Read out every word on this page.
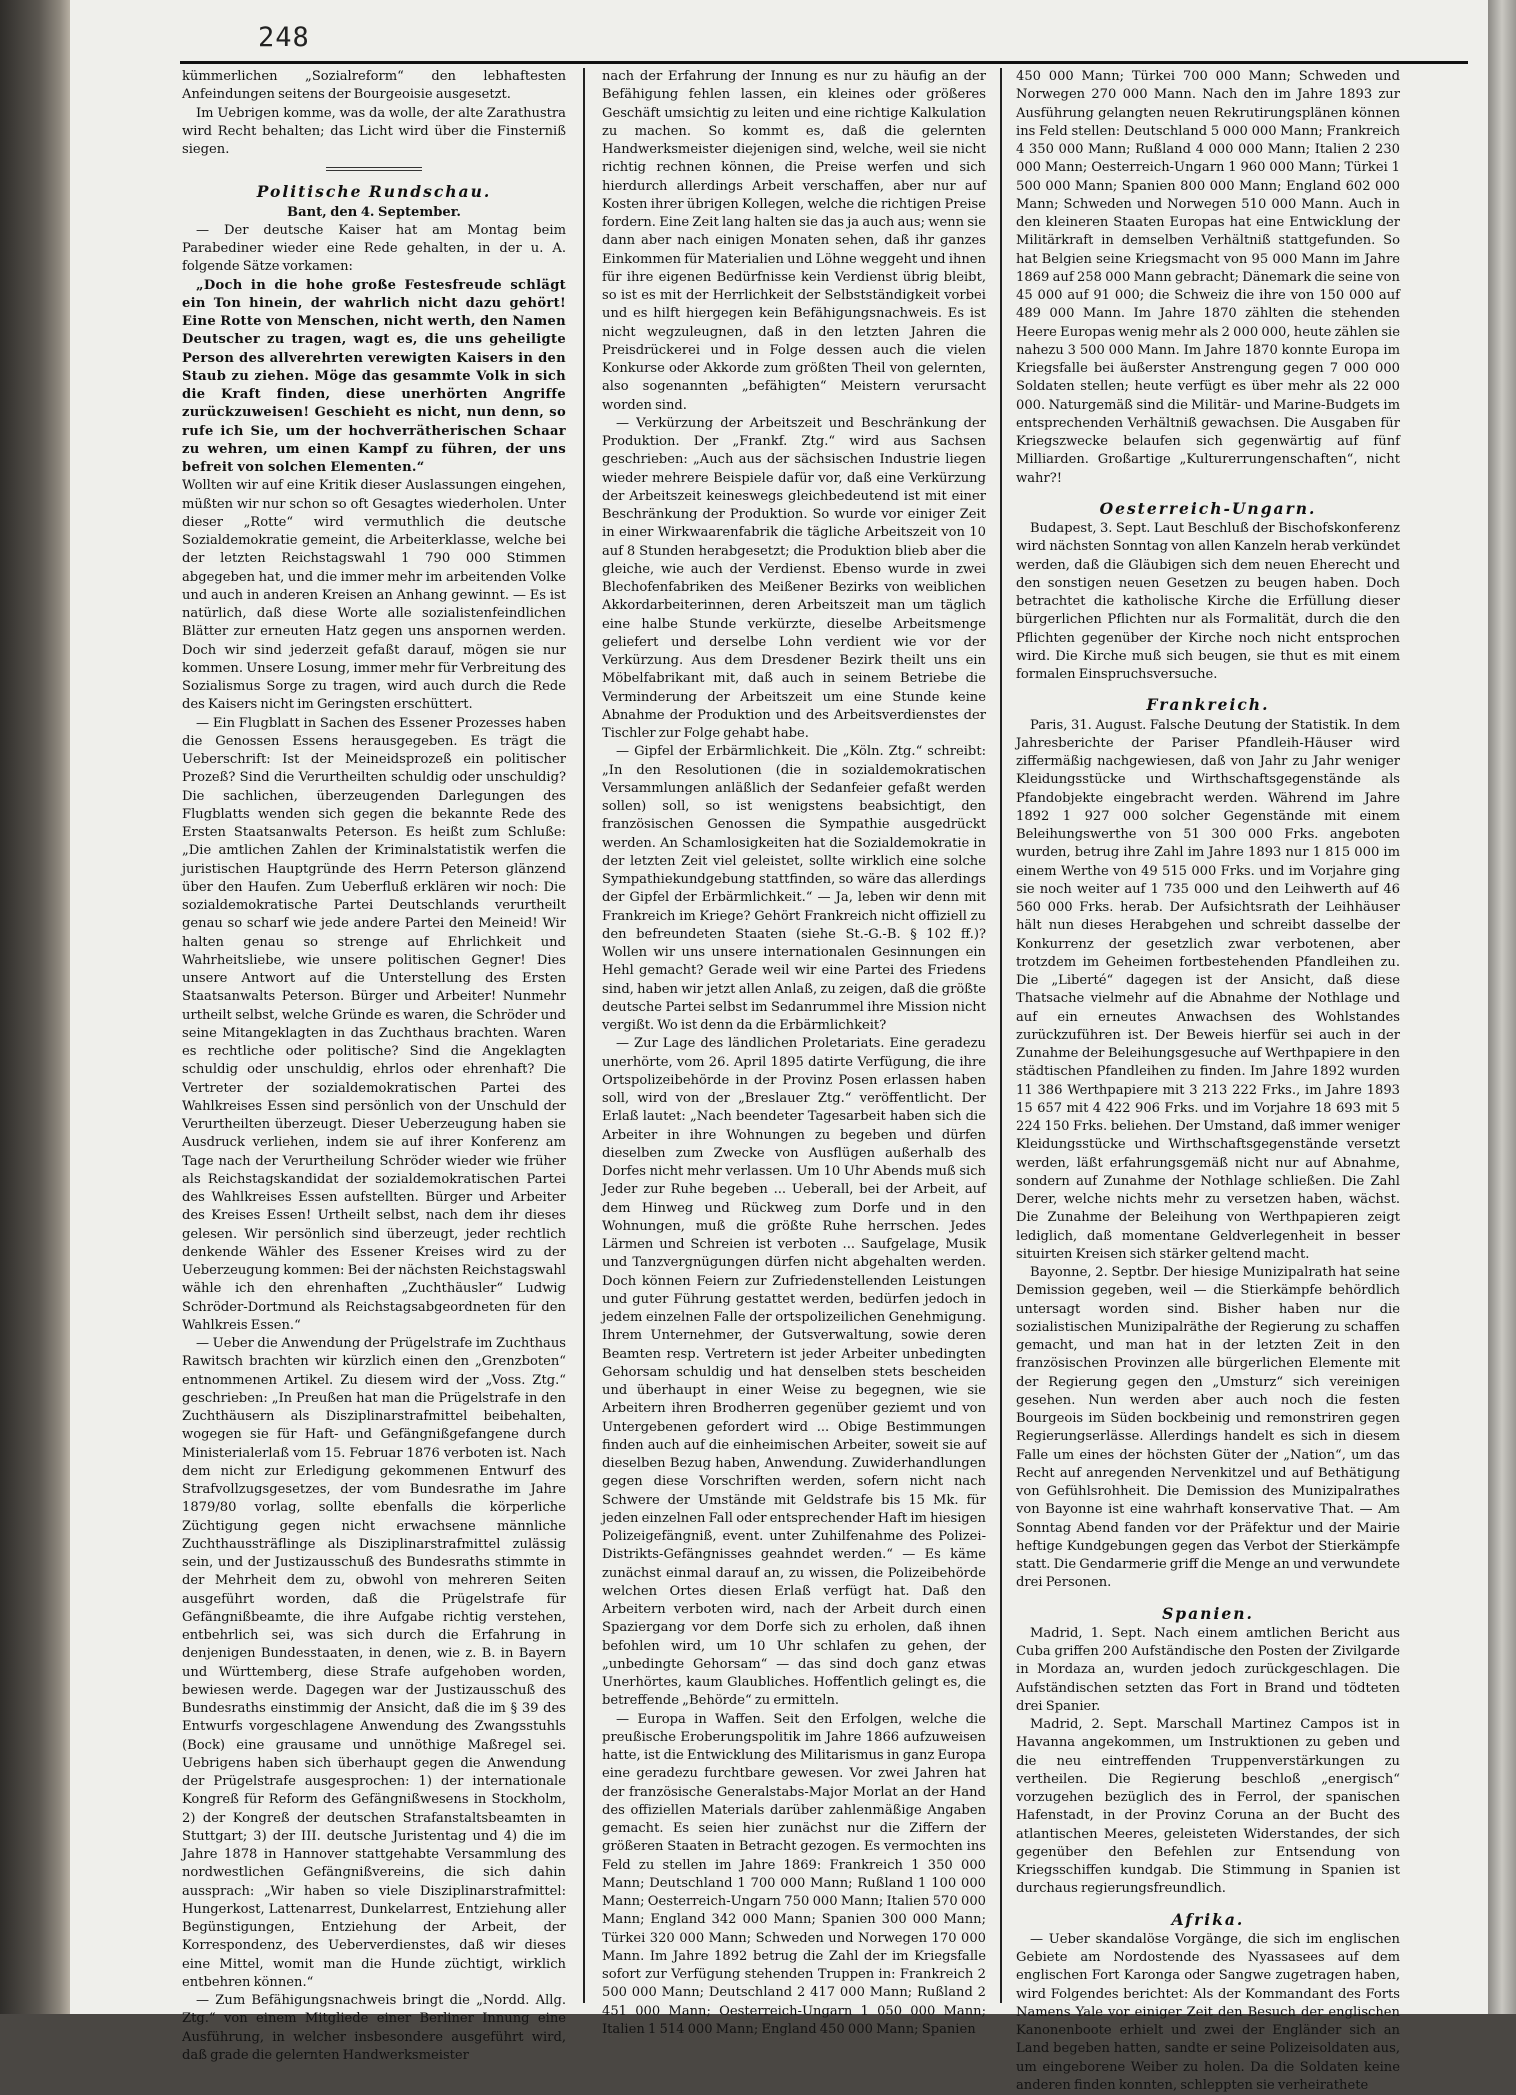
248

kümmerlichen „Sozialreform“ den lebhaftesten Anfeindungen seitens der Bourgeoisie ausgesetzt.

Im Uebrigen komme, was da wolle, der alte Zarathustra wird Recht behalten; das Licht wird über die Finsterniß siegen.

Politische Rundschau.

Bant, den 4. September.

— Der deutsche Kaiser hat am Montag beim Parabediner wieder eine Rede gehalten, in der u. A. folgende Sätze vorkamen:

„Doch in die hohe große Festesfreude schlägt ein Ton hinein, der wahrlich nicht dazu gehört! Eine Rotte von Menschen, nicht werth, den Namen Deutscher zu tragen, wagt es, die uns geheiligte Person des allverehrten verewigten Kaisers in den Staub zu ziehen. Möge das gesammte Volk in sich die Kraft finden, diese unerhörten Angriffe zurückzuweisen! Geschieht es nicht, nun denn, so rufe ich Sie, um der hochverrätherischen Schaar zu wehren, um einen Kampf zu führen, der uns befreit von solchen Elementen.“

Wollten wir auf eine Kritik dieser Auslassungen eingehen, müßten wir nur schon so oft Gesagtes wiederholen. Unter dieser „Rotte“ wird vermuthlich die deutsche Sozialdemokratie gemeint, die Arbeiterklasse, welche bei der letzten Reichstagswahl 1 790 000 Stimmen abgegeben hat, und die immer mehr im arbeitenden Volke und auch in anderen Kreisen an Anhang gewinnt. — Es ist natürlich, daß diese Worte alle sozialistenfeindlichen Blätter zur erneuten Hatz gegen uns anspornen werden. Doch wir sind jederzeit gefaßt darauf, mögen sie nur kommen. Unsere Losung, immer mehr für Verbreitung des Sozialismus Sorge zu tragen, wird auch durch die Rede des Kaisers nicht im Geringsten erschüttert.

— Ein Flugblatt in Sachen des Essener Prozesses haben die Genossen Essens herausgegeben. Es trägt die Ueberschrift: Ist der Meineidsprozeß ein politischer Prozeß? Sind die Verurtheilten schuldig oder unschuldig? Die sachlichen, überzeugenden Darlegungen des Flugblatts wenden sich gegen die bekannte Rede des Ersten Staatsanwalts Peterson. Es heißt zum Schluße: „Die amtlichen Zahlen der Kriminalstatistik werfen die juristischen Hauptgründe des Herrn Peterson glänzend über den Haufen. Zum Ueberfluß erklären wir noch: Die sozialdemokratische Partei Deutschlands verurtheilt genau so scharf wie jede andere Partei den Meineid! Wir halten genau so strenge auf Ehrlichkeit und Wahrheitsliebe, wie unsere politischen Gegner! Dies unsere Antwort auf die Unterstellung des Ersten Staatsanwalts Peterson. Bürger und Arbeiter! Nunmehr urtheilt selbst, welche Gründe es waren, die Schröder und seine Mitangeklagten in das Zuchthaus brachten. Waren es rechtliche oder politische? Sind die Angeklagten schuldig oder unschuldig, ehrlos oder ehrenhaft? Die Vertreter der sozialdemokratischen Partei des Wahlkreises Essen sind persönlich von der Unschuld der Verurtheilten überzeugt. Dieser Ueberzeugung haben sie Ausdruck verliehen, indem sie auf ihrer Konferenz am Tage nach der Verurtheilung Schröder wieder wie früher als Reichstagskandidat der sozialdemokratischen Partei des Wahlkreises Essen aufstellten. Bürger und Arbeiter des Kreises Essen! Urtheilt selbst, nach dem ihr dieses gelesen. Wir persönlich sind überzeugt, jeder rechtlich denkende Wähler des Essener Kreises wird zu der Ueberzeugung kommen: Bei der nächsten Reichstagswahl wähle ich den ehrenhaften „Zuchthäusler“ Ludwig Schröder-Dortmund als Reichstagsabgeordneten für den Wahlkreis Essen.“

— Ueber die Anwendung der Prügelstrafe im Zuchthaus Rawitsch brachten wir kürzlich einen den „Grenzboten“ entnommenen Artikel. Zu diesem wird der „Voss. Ztg.“ geschrieben: „In Preußen hat man die Prügelstrafe in den Zuchthäusern als Disziplinarstrafmittel beibehalten, wogegen sie für Haft- und Gefängnißgefangene durch Ministerialerlaß vom 15. Februar 1876 verboten ist. Nach dem nicht zur Erledigung gekommenen Entwurf des Strafvollzugsgesetzes, der vom Bundesrathe im Jahre 1879/80 vorlag, sollte ebenfalls die körperliche Züchtigung gegen nicht erwachsene männliche Zuchthaussträflinge als Disziplinarstrafmittel zulässig sein, und der Justizausschuß des Bundesraths stimmte in der Mehrheit dem zu, obwohl von mehreren Seiten ausgeführt worden, daß die Prügelstrafe für Gefängnißbeamte, die ihre Aufgabe richtig verstehen, entbehrlich sei, was sich durch die Erfahrung in denjenigen Bundesstaaten, in denen, wie z. B. in Bayern und Württemberg, diese Strafe aufgehoben worden, bewiesen werde. Dagegen war der Justizausschuß des Bundesraths einstimmig der Ansicht, daß die im § 39 des Entwurfs vorgeschlagene Anwendung des Zwangsstuhls (Bock) eine grausame und unnöthige Maßregel sei. Uebrigens haben sich überhaupt gegen die Anwendung der Prügelstrafe ausgesprochen: 1) der internationale Kongreß für Reform des Gefängnißwesens in Stockholm, 2) der Kongreß der deutschen Strafanstaltsbeamten in Stuttgart; 3) der III. deutsche Juristentag und 4) die im Jahre 1878 in Hannover stattgehabte Versammlung des nordwestlichen Gefängnißvereins, die sich dahin aussprach: „Wir haben so viele Disziplinarstrafmittel: Hungerkost, Lattenarrest, Dunkelarrest, Entziehung aller Begünstigungen, Entziehung der Arbeit, der Korrespondenz, des Ueberverdienstes, daß wir dieses eine Mittel, womit man die Hunde züchtigt, wirklich entbehren können.“

— Zum Befähigungsnachweis bringt die „Nordd. Allg. Ztg.“ von einem Mitgliede einer Berliner Innung eine Ausführung, in welcher insbesondere ausgeführt wird, daß grade die gelernten Handwerksmeister

nach der Erfahrung der Innung es nur zu häufig an der Befähigung fehlen lassen, ein kleines oder größeres Geschäft umsichtig zu leiten und eine richtige Kalkulation zu machen. So kommt es, daß die gelernten Handwerksmeister diejenigen sind, welche, weil sie nicht richtig rechnen können, die Preise werfen und sich hierdurch allerdings Arbeit verschaffen, aber nur auf Kosten ihrer übrigen Kollegen, welche die richtigen Preise fordern. Eine Zeit lang halten sie das ja auch aus; wenn sie dann aber nach einigen Monaten sehen, daß ihr ganzes Einkommen für Materialien und Löhne weggeht und ihnen für ihre eigenen Bedürfnisse kein Verdienst übrig bleibt, so ist es mit der Herrlichkeit der Selbstständigkeit vorbei und es hilft hiergegen kein Befähigungsnachweis. Es ist nicht wegzuleugnen, daß in den letzten Jahren die Preisdrückerei und in Folge dessen auch die vielen Konkurse oder Akkorde zum größten Theil von gelernten, also sogenannten „befähigten“ Meistern verursacht worden sind.

— Verkürzung der Arbeitszeit und Beschränkung der Produktion. Der „Frankf. Ztg.“ wird aus Sachsen geschrieben: „Auch aus der sächsischen Industrie liegen wieder mehrere Beispiele dafür vor, daß eine Verkürzung der Arbeitszeit keineswegs gleichbedeutend ist mit einer Beschränkung der Produktion. So wurde vor einiger Zeit in einer Wirkwaarenfabrik die tägliche Arbeitszeit von 10 auf 8 Stunden herabgesetzt; die Produktion blieb aber die gleiche, wie auch der Verdienst. Ebenso wurde in zwei Blechofenfabriken des Meißener Bezirks von weiblichen Akkordarbeiterinnen, deren Arbeitszeit man um täglich eine halbe Stunde verkürzte, dieselbe Arbeitsmenge geliefert und derselbe Lohn verdient wie vor der Verkürzung. Aus dem Dresdener Bezirk theilt uns ein Möbelfabrikant mit, daß auch in seinem Betriebe die Verminderung der Arbeitszeit um eine Stunde keine Abnahme der Produktion und des Arbeitsverdienstes der Tischler zur Folge gehabt habe.

— Gipfel der Erbärmlichkeit. Die „Köln. Ztg.“ schreibt: „In den Resolutionen (die in sozialdemokratischen Versammlungen anläßlich der Sedanfeier gefaßt werden sollen) soll, so ist wenigstens beabsichtigt, den französischen Genossen die Sympathie ausgedrückt werden. An Schamlosigkeiten hat die Sozialdemokratie in der letzten Zeit viel geleistet, sollte wirklich eine solche Sympathiekundgebung stattfinden, so wäre das allerdings der Gipfel der Erbärmlichkeit.“ — Ja, leben wir denn mit Frankreich im Kriege? Gehört Frankreich nicht offiziell zu den befreundeten Staaten (siehe St.-G.-B. § 102 ff.)? Wollen wir uns unsere internationalen Gesinnungen ein Hehl gemacht? Gerade weil wir eine Partei des Friedens sind, haben wir jetzt allen Anlaß, zu zeigen, daß die größte deutsche Partei selbst im Sedanrummel ihre Mission nicht vergißt. Wo ist denn da die Erbärmlichkeit?

— Zur Lage des ländlichen Proletariats. Eine geradezu unerhörte, vom 26. April 1895 datirte Verfügung, die ihre Ortspolizeibehörde in der Provinz Posen erlassen haben soll, wird von der „Breslauer Ztg.“ veröffentlicht. Der Erlaß lautet: „Nach beendeter Tagesarbeit haben sich die Arbeiter in ihre Wohnungen zu begeben und dürfen dieselben zum Zwecke von Ausflügen außerhalb des Dorfes nicht mehr verlassen. Um 10 Uhr Abends muß sich Jeder zur Ruhe begeben ... Ueberall, bei der Arbeit, auf dem Hinweg und Rückweg zum Dorfe und in den Wohnungen, muß die größte Ruhe herrschen. Jedes Lärmen und Schreien ist verboten ... Saufgelage, Musik und Tanzvergnügungen dürfen nicht abgehalten werden. Doch können Feiern zur Zufriedenstellenden Leistungen und guter Führung gestattet werden, bedürfen jedoch in jedem einzelnen Falle der ortspolizeilichen Genehmigung. Ihrem Unternehmer, der Gutsverwaltung, sowie deren Beamten resp. Vertretern ist jeder Arbeiter unbedingten Gehorsam schuldig und hat denselben stets bescheiden und überhaupt in einer Weise zu begegnen, wie sie Arbeitern ihren Brodherren gegenüber geziemt und von Untergebenen gefordert wird ... Obige Bestimmungen finden auch auf die einheimischen Arbeiter, soweit sie auf dieselben Bezug haben, Anwendung. Zuwiderhandlungen gegen diese Vorschriften werden, sofern nicht nach Schwere der Umstände mit Geldstrafe bis 15 Mk. für jeden einzelnen Fall oder entsprechender Haft im hiesigen Polizeigefängniß, event. unter Zuhilfenahme des Polizei-Distrikts-Gefängnisses geahndet werden.“ — Es käme zunächst einmal darauf an, zu wissen, die Polizeibehörde welchen Ortes diesen Erlaß verfügt hat. Daß den Arbeitern verboten wird, nach der Arbeit durch einen Spaziergang vor dem Dorfe sich zu erholen, daß ihnen befohlen wird, um 10 Uhr schlafen zu gehen, der „unbedingte Gehorsam“ — das sind doch ganz etwas Unerhörtes, kaum Glaubliches. Hoffentlich gelingt es, die betreffende „Behörde“ zu ermitteln.

— Europa in Waffen. Seit den Erfolgen, welche die preußische Eroberungspolitik im Jahre 1866 aufzuweisen hatte, ist die Entwicklung des Militarismus in ganz Europa eine geradezu furchtbare gewesen. Vor zwei Jahren hat der französische Generalstabs-Major Morlat an der Hand des offiziellen Materials darüber zahlenmäßige Angaben gemacht. Es seien hier zunächst nur die Ziffern der größeren Staaten in Betracht gezogen. Es vermochten ins Feld zu stellen im Jahre 1869: Frankreich 1 350 000 Mann; Deutschland 1 700 000 Mann; Rußland 1 100 000 Mann; Oesterreich-Ungarn 750 000 Mann; Italien 570 000 Mann; England 342 000 Mann; Spanien 300 000 Mann; Türkei 320 000 Mann; Schweden und Norwegen 170 000 Mann. Im Jahre 1892 betrug die Zahl der im Kriegsfalle sofort zur Verfügung stehenden Truppen in: Frankreich 2 500 000 Mann; Deutschland 2 417 000 Mann; Rußland 2 451 000 Mann; Oesterreich-Ungarn 1 050 000 Mann; Italien 1 514 000 Mann; England 450 000 Mann; Spanien

450 000 Mann; Türkei 700 000 Mann; Schweden und Norwegen 270 000 Mann. Nach den im Jahre 1893 zur Ausführung gelangten neuen Rekrutirungsplänen können ins Feld stellen: Deutschland 5 000 000 Mann; Frankreich 4 350 000 Mann; Rußland 4 000 000 Mann; Italien 2 230 000 Mann; Oesterreich-Ungarn 1 960 000 Mann; Türkei 1 500 000 Mann; Spanien 800 000 Mann; England 602 000 Mann; Schweden und Norwegen 510 000 Mann. Auch in den kleineren Staaten Europas hat eine Entwicklung der Militärkraft in demselben Verhältniß stattgefunden. So hat Belgien seine Kriegsmacht von 95 000 Mann im Jahre 1869 auf 258 000 Mann gebracht; Dänemark die seine von 45 000 auf 91 000; die Schweiz die ihre von 150 000 auf 489 000 Mann. Im Jahre 1870 zählten die stehenden Heere Europas wenig mehr als 2 000 000, heute zählen sie nahezu 3 500 000 Mann. Im Jahre 1870 konnte Europa im Kriegsfalle bei äußerster Anstrengung gegen 7 000 000 Soldaten stellen; heute verfügt es über mehr als 22 000 000. Naturgemäß sind die Militär- und Marine-Budgets im entsprechenden Verhältniß gewachsen. Die Ausgaben für Kriegszwecke belaufen sich gegenwärtig auf fünf Milliarden. Großartige „Kulturerrungenschaften“, nicht wahr?!

Oesterreich-Ungarn.

Budapest, 3. Sept. Laut Beschluß der Bischofskonferenz wird nächsten Sonntag von allen Kanzeln herab verkündet werden, daß die Gläubigen sich dem neuen Eherecht und den sonstigen neuen Gesetzen zu beugen haben. Doch betrachtet die katholische Kirche die Erfüllung dieser bürgerlichen Pflichten nur als Formalität, durch die den Pflichten gegenüber der Kirche noch nicht entsprochen wird. Die Kirche muß sich beugen, sie thut es mit einem formalen Einspruchsversuche.

Frankreich.

Paris, 31. August. Falsche Deutung der Statistik. In dem Jahresberichte der Pariser Pfandleih-Häuser wird ziffermäßig nachgewiesen, daß von Jahr zu Jahr weniger Kleidungsstücke und Wirthschaftsgegenstände als Pfandobjekte eingebracht werden. Während im Jahre 1892 1 927 000 solcher Gegenstände mit einem Beleihungswerthe von 51 300 000 Frks. angeboten wurden, betrug ihre Zahl im Jahre 1893 nur 1 815 000 im einem Werthe von 49 515 000 Frks. und im Vorjahre ging sie noch weiter auf 1 735 000 und den Leihwerth auf 46 560 000 Frks. herab. Der Aufsichtsrath der Leihhäuser hält nun dieses Herabgehen und schreibt dasselbe der Konkurrenz der gesetzlich zwar verbotenen, aber trotzdem im Geheimen fortbestehenden Pfandleihen zu. Die „Liberté“ dagegen ist der Ansicht, daß diese Thatsache vielmehr auf die Abnahme der Nothlage und auf ein erneutes Anwachsen des Wohlstandes zurückzuführen ist. Der Beweis hierfür sei auch in der Zunahme der Beleihungsgesuche auf Werthpapiere in den städtischen Pfandleihen zu finden. Im Jahre 1892 wurden 11 386 Werthpapiere mit 3 213 222 Frks., im Jahre 1893 15 657 mit 4 422 906 Frks. und im Vorjahre 18 693 mit 5 224 150 Frks. beliehen. Der Umstand, daß immer weniger Kleidungsstücke und Wirthschaftsgegenstände versetzt werden, läßt erfahrungsgemäß nicht nur auf Abnahme, sondern auf Zunahme der Nothlage schließen. Die Zahl Derer, welche nichts mehr zu versetzen haben, wächst. Die Zunahme der Beleihung von Werthpapieren zeigt lediglich, daß momentane Geldverlegenheit in besser situirten Kreisen sich stärker geltend macht.

Bayonne, 2. Septbr. Der hiesige Munizipalrath hat seine Demission gegeben, weil — die Stierkämpfe behördlich untersagt worden sind. Bisher haben nur die sozialistischen Munizipalräthe der Regierung zu schaffen gemacht, und man hat in der letzten Zeit in den französischen Provinzen alle bürgerlichen Elemente mit der Regierung gegen den „Umsturz“ sich vereinigen gesehen. Nun werden aber auch noch die festen Bourgeois im Süden bockbeinig und remonstriren gegen Regierungserlässe. Allerdings handelt es sich in diesem Falle um eines der höchsten Güter der „Nation“, um das Recht auf anregenden Nervenkitzel und auf Bethätigung von Gefühlsrohheit. Die Demission des Munizipalrathes von Bayonne ist eine wahrhaft konservative That. — Am Sonntag Abend fanden vor der Präfektur und der Mairie heftige Kundgebungen gegen das Verbot der Stierkämpfe statt. Die Gendarmerie griff die Menge an und verwundete drei Personen.

Spanien.

Madrid, 1. Sept. Nach einem amtlichen Bericht aus Cuba griffen 200 Aufständische den Posten der Zivilgarde in Mordaza an, wurden jedoch zurückgeschlagen. Die Aufständischen setzten das Fort in Brand und tödteten drei Spanier.

Madrid, 2. Sept. Marschall Martinez Campos ist in Havanna angekommen, um Instruktionen zu geben und die neu eintreffenden Truppenverstärkungen zu vertheilen. Die Regierung beschloß „energisch“ vorzugehen bezüglich des in Ferrol, der spanischen Hafenstadt, in der Provinz Coruna an der Bucht des atlantischen Meeres, geleisteten Widerstandes, der sich gegenüber den Befehlen zur Entsendung von Kriegsschiffen kundgab. Die Stimmung in Spanien ist durchaus regierungsfreundlich.

Afrika.

— Ueber skandalöse Vorgänge, die sich im englischen Gebiete am Nordostende des Nyassasees auf dem englischen Fort Karonga oder Sangwe zugetragen haben, wird Folgendes berichtet: Als der Kommandant des Forts Namens Yale vor einiger Zeit den Besuch der englischen Kanonenboote erhielt und zwei der Engländer sich an Land begeben hatten, sandte er seine Polizeisoldaten aus, um eingeborene Weiber zu holen. Da die Soldaten keine anderen finden konnten, schleppten sie verheirathete
